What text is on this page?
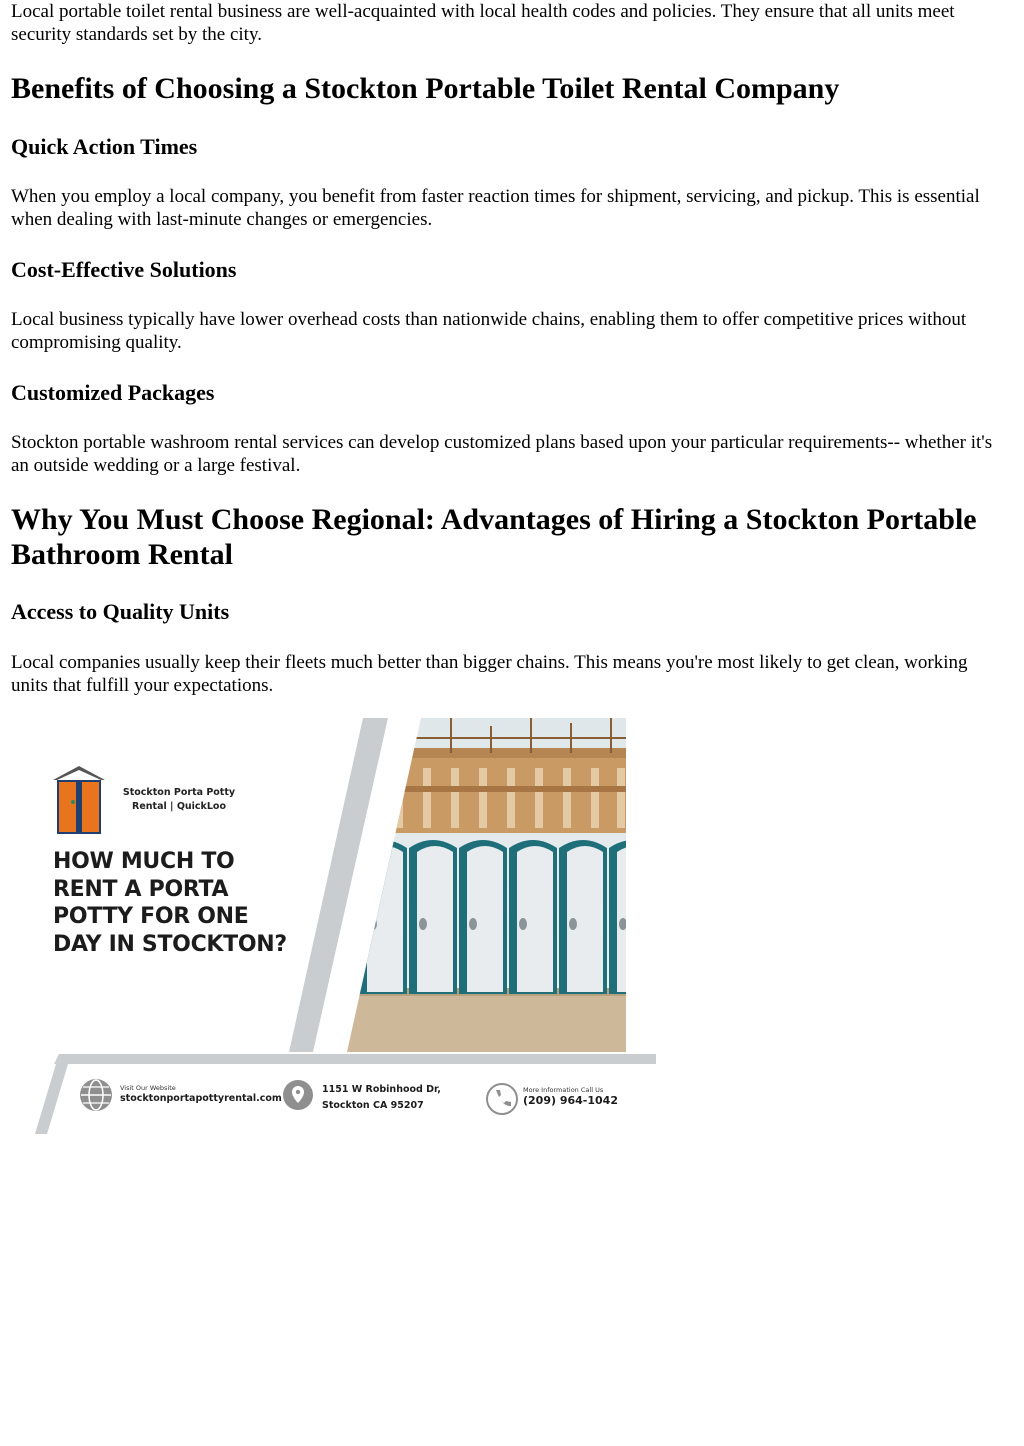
Local portable toilet rental business are well-acquainted with local health codes and policies. They ensure that all units meet security standards set by the city.

Benefits of Choosing a Stockton Portable Toilet Rental Company
Quick Action Times

When you employ a local company, you benefit from faster reaction times for shipment, servicing, and pickup. This is essential when dealing with last-minute changes or emergencies.

Cost-Effective Solutions

Local business typically have lower overhead costs than nationwide chains, enabling them to offer competitive prices without compromising quality.

Customized Packages

Stockton portable washroom rental services can develop customized plans based upon your particular requirements-- whether it's an outside wedding or a large festival.

Why You Must Choose Regional: Advantages of Hiring a Stockton Portable Bathroom Rental
Access to Quality Units

Local companies usually keep their fleets much better than bigger chains. This means you're most likely to get clean, working units that fulfill your expectations.

Stockton Porta Potty
Rental | QuickLoo
HOW MUCH TO RENT A PORTA POTTY FOR ONE DAY IN STOCKTON?
Visit Our Website
stocktonportapottyrental.com
1151 W Robinhood Dr,
Stockton CA 95207
More Information Call Us
(209) 964-1042
